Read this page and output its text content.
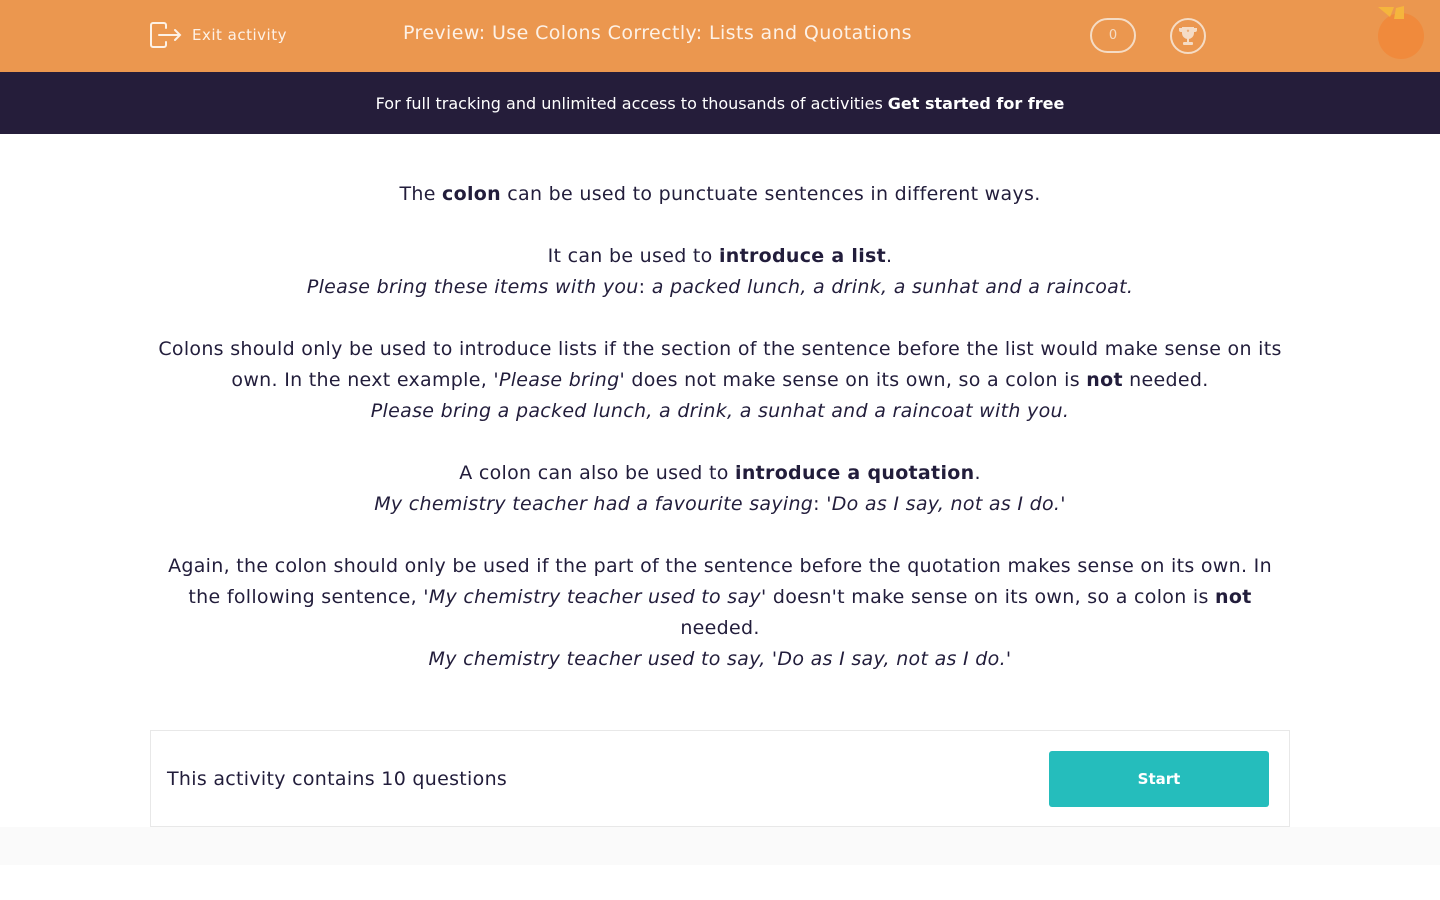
Exit activity	Preview: Use Colons Correctly: Lists and Quotations	0
For full tracking and unlimited access to thousands of activities Get started for free

The colon can be used to punctuate sentences in different ways.

It can be used to introduce a list.
Please bring these items with you: a packed lunch, a drink, a sunhat and a raincoat.

Colons should only be used to introduce lists if the section of the sentence before the list would make sense on its own. In the next example, 'Please bring' does not make sense on its own, so a colon is not needed.
Please bring a packed lunch, a drink, a sunhat and a raincoat with you.

A colon can also be used to introduce a quotation.
My chemistry teacher had a favourite saying: 'Do as I say, not as I do.'

Again, the colon should only be used if the part of the sentence before the quotation makes sense on its own. In the following sentence, 'My chemistry teacher used to say' doesn't make sense on its own, so a colon is not needed.
My chemistry teacher used to say, 'Do as I say, not as I do.'

This activity contains 10 questions	Start
